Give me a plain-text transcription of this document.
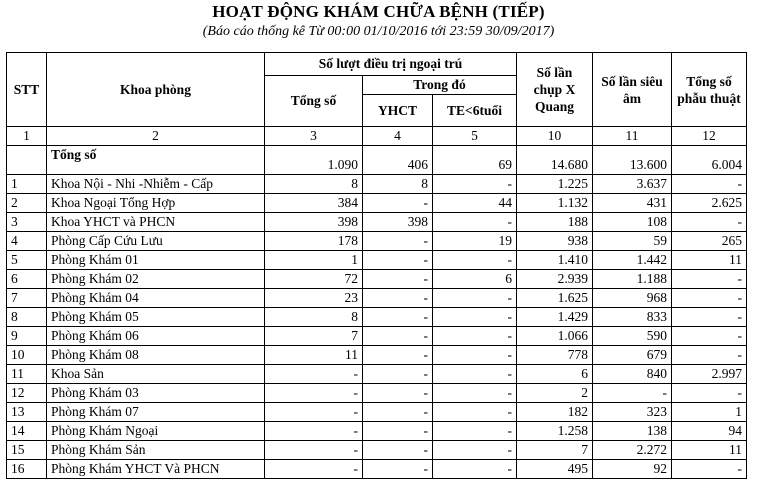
HOẠT ĐỘNG KHÁM CHỮA BỆNH (TIẾP)
(Báo cáo thống kê Từ 00:00 01/10/2016 tới 23:59 30/09/2017)
STT	Khoa phòng	Số lượt điều trị ngoại trú			Số lần chụp X Quang	Số lần siêu âm	Tổng số phẫu thuật
		Tổng số	Trong đó				
			YHCT	TE<6tuổi			
1	2	3	4	5	10	11	12
	Tổng số	1.090	406	69	14.680	13.600	6.004
1	Khoa Nội - Nhi -Nhiễm - Cấp	8	8	-	1.225	3.637	-
2	Khoa Ngoại Tổng Hợp	384	-	44	1.132	431	2.625
3	Khoa YHCT và PHCN	398	398	-	188	108	-
4	Phòng Cấp Cứu Lưu	178	-	19	938	59	265
5	Phòng Khám 01	1	-	-	1.410	1.442	11
6	Phòng Khám 02	72	-	6	2.939	1.188	-
7	Phòng Khám 04	23	-	-	1.625	968	-
8	Phòng Khám 05	8	-	-	1.429	833	-
9	Phòng Khám 06	7	-	-	1.066	590	-
10	Phòng Khám 08	11	-	-	778	679	-
11	Khoa Sản	-	-	-	6	840	2.997
12	Phòng Khám 03	-	-	-	2	-	-
13	Phòng Khám 07	-	-	-	182	323	1
14	Phòng Khám Ngoại	-	-	-	1.258	138	94
15	Phòng Khám Sản	-	-	-	7	2.272	11
16	Phòng Khám YHCT Và PHCN	-	-	-	495	92	-
